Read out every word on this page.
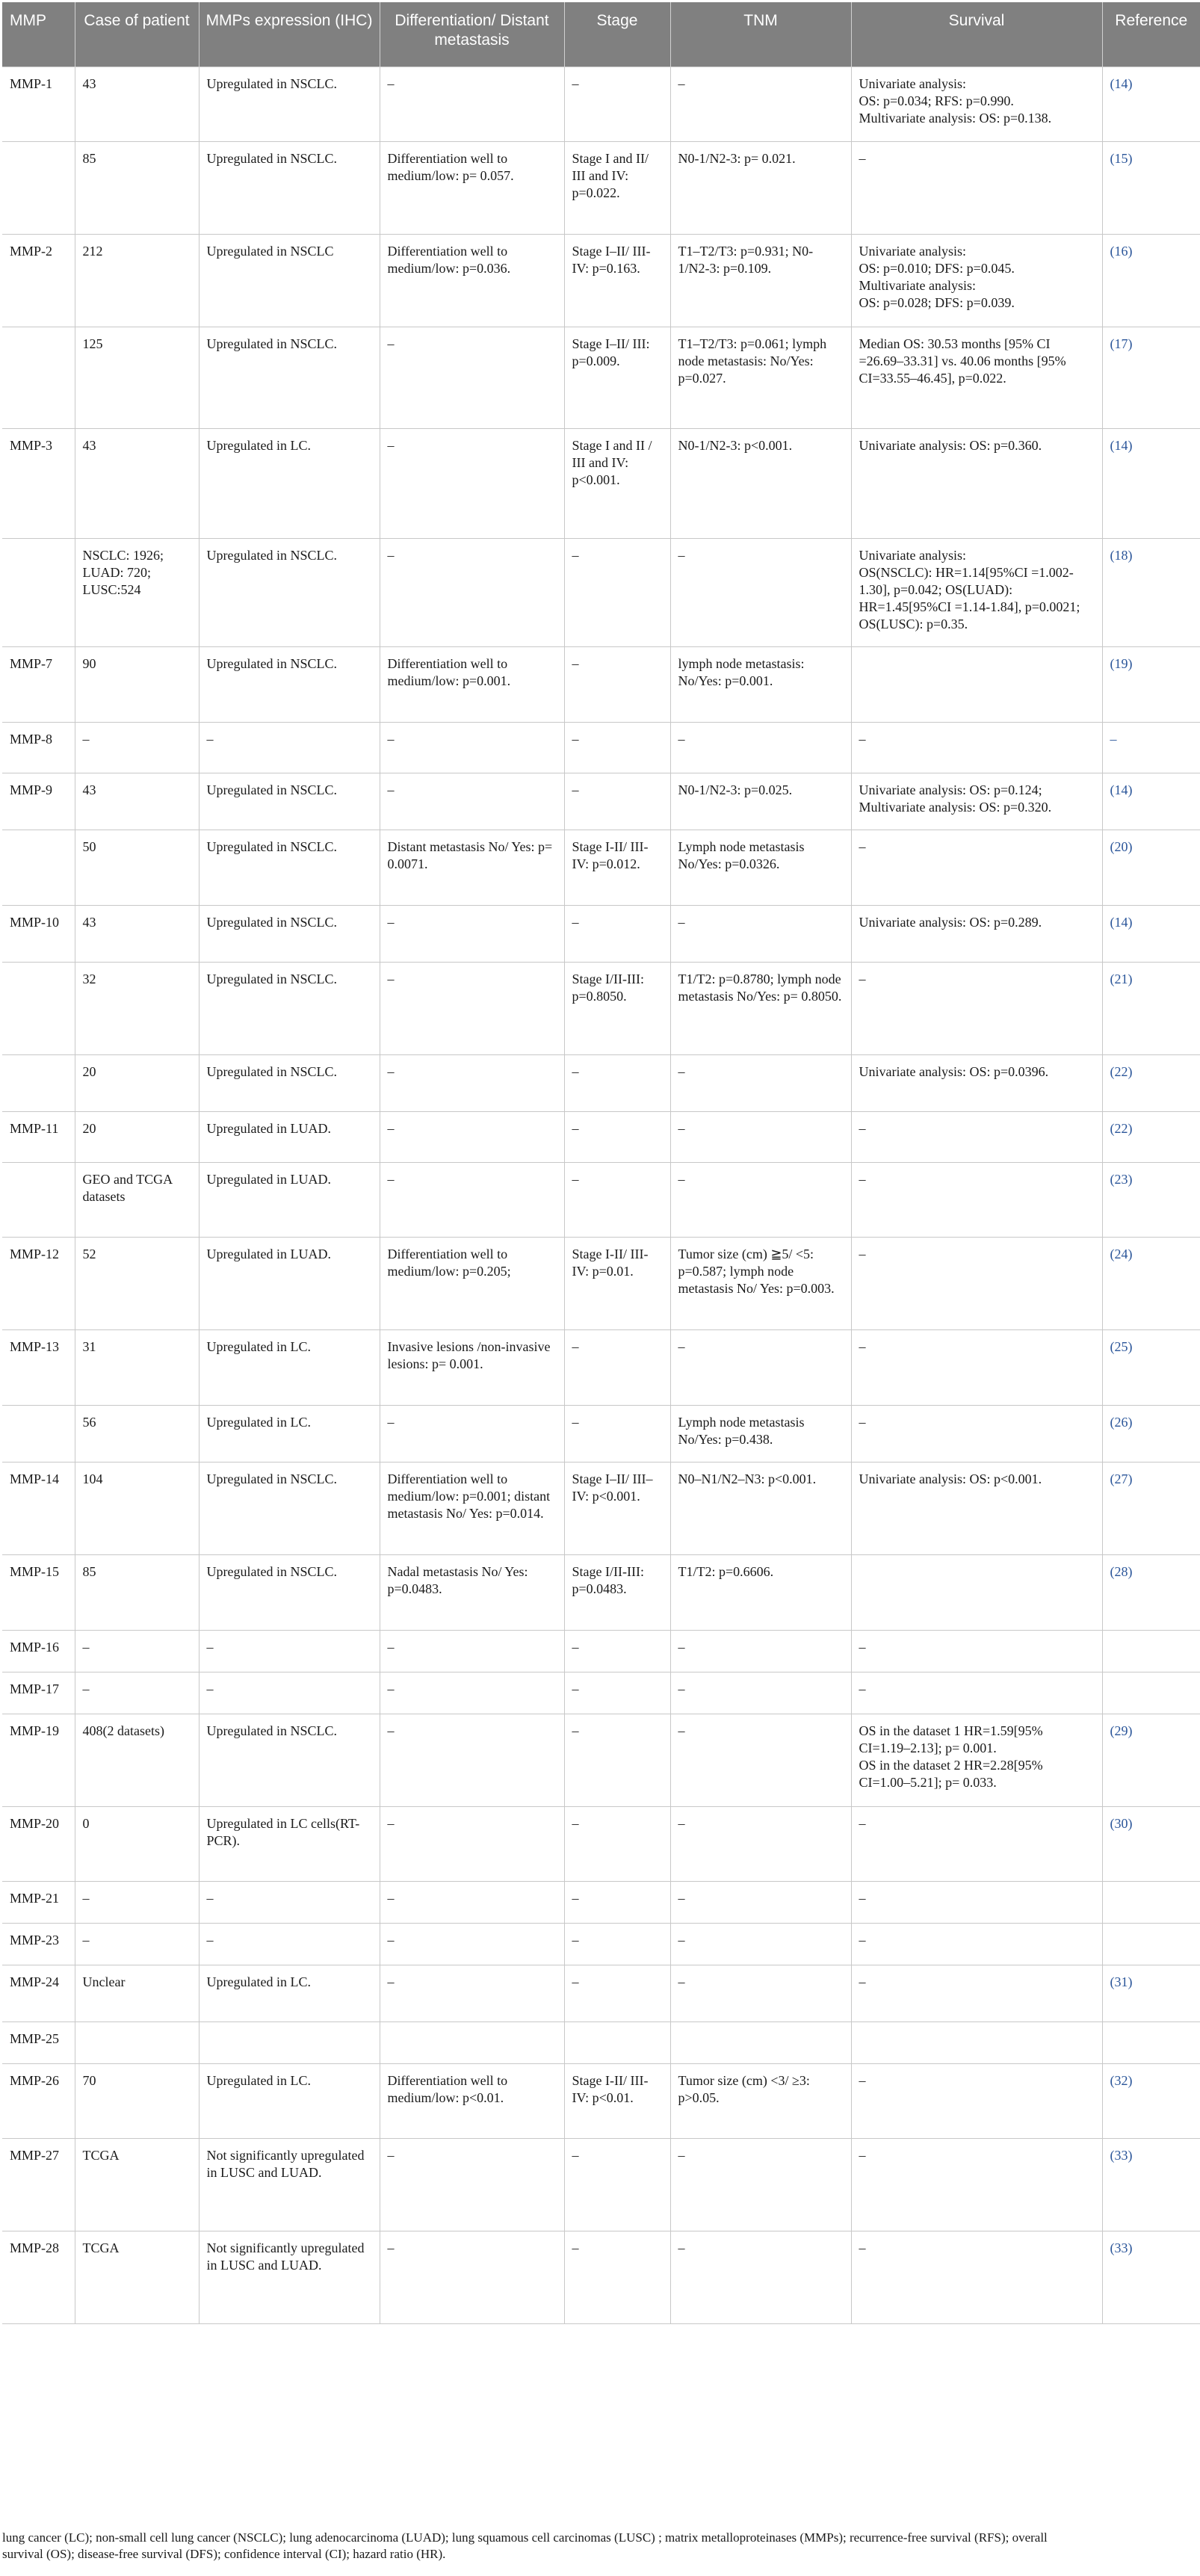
MMP	Case of patient	MMPs expression (IHC)	Differentiation/ Distant metastasis	Stage	TNM	Survival	Reference
MMP-1	43	Upregulated in NSCLC.	–	–	–	Univariate analysis:
OS: p=0.034; RFS: p=0.990.
Multivariate analysis: OS: p=0.138.	(14)
	85	Upregulated in NSCLC.	Differentiation well to medium/low: p= 0.057.	Stage I and II/ III and IV: p=0.022.	N0-1/N2-3: p= 0.021.	–	(15)
MMP-2	212	Upregulated in NSCLC	Differentiation well to medium/low: p=0.036.	Stage I–II/ III- IV: p=0.163.	T1–T2/T3: p=0.931; N0-1/N2-3: p=0.109.	Univariate analysis:
OS: p=0.010; DFS: p=0.045.
Multivariate analysis:
OS: p=0.028; DFS: p=0.039.	(16)
	125	Upregulated in NSCLC.	–	Stage I–II/ III: p=0.009.	T1–T2/T3: p=0.061; lymph node metastasis: No/Yes: p=0.027.	Median OS: 30.53 months [95% CI =26.69–33.31] vs. 40.06 months [95% CI=33.55–46.45], p=0.022.	(17)
MMP-3	43	Upregulated in LC.	–	Stage I and II / III and IV: p<0.001.	N0-1/N2-3: p<0.001.	Univariate analysis: OS: p=0.360.	(14)
	NSCLC: 1926; LUAD: 720; LUSC:524	Upregulated in NSCLC.	–	–	–	Univariate analysis:
OS(NSCLC): HR=1.14[95%CI =1.002-1.30], p=0.042; OS(LUAD): HR=1.45[95%CI =1.14-1.84], p=0.0021; OS(LUSC): p=0.35.	(18)
MMP-7	90	Upregulated in NSCLC.	Differentiation well to medium/low: p=0.001.	–	lymph node metastasis: No/Yes: p=0.001.		(19)
MMP-8	–	–	–	–	–	–	–
MMP-9	43	Upregulated in NSCLC.	–	–	N0-1/N2-3: p=0.025.	Univariate analysis: OS: p=0.124; Multivariate analysis: OS: p=0.320.	(14)
	50	Upregulated in NSCLC.	Distant metastasis No/ Yes: p= 0.0071.	Stage I-II/ III-IV: p=0.012.	Lymph node metastasis No/Yes: p=0.0326.	–	(20)
MMP-10	43	Upregulated in NSCLC.	–	–	–	Univariate analysis: OS: p=0.289.	(14)
	32	Upregulated in NSCLC.	–	Stage I/II-III: p=0.8050.	T1/T2: p=0.8780; lymph node metastasis No/Yes: p= 0.8050.	–	(21)
	20	Upregulated in NSCLC.	–	–	–	Univariate analysis: OS: p=0.0396.	(22)
MMP-11	20	Upregulated in LUAD.	–	–	–	–	(22)
	GEO and TCGA datasets	Upregulated in LUAD.	–	–	–	–	(23)
MMP-12	52	Upregulated in LUAD.	Differentiation well to medium/low: p=0.205;	Stage I-II/ III-IV: p=0.01.	Tumor size (cm) ≧5/ <5: p=0.587; lymph node metastasis No/ Yes: p=0.003.	–	(24)
MMP-13	31	Upregulated in LC.	Invasive lesions /non-invasive lesions: p= 0.001.	–	–	–	(25)
	56	Upregulated in LC.	–	–	Lymph node metastasis No/Yes: p=0.438.	–	(26)
MMP-14	104	Upregulated in NSCLC.	Differentiation well to medium/low: p=0.001; distant metastasis No/ Yes: p=0.014.	Stage I–II/ III–IV: p<0.001.	N0–N1/N2–N3: p<0.001.	Univariate analysis: OS: p<0.001.	(27)
MMP-15	85	Upregulated in NSCLC.	Nadal metastasis No/ Yes: p=0.0483.	Stage I/II-III: p=0.0483.	T1/T2: p=0.6606.		(28)
MMP-16	–	–	–	–	–	–	
MMP-17	–	–	–	–	–	–	
MMP-19	408(2 datasets)	Upregulated in NSCLC.	–	–	–	OS in the dataset 1 HR=1.59[95% CI=1.19–2.13]; p= 0.001.
OS in the dataset 2 HR=2.28[95% CI=1.00–5.21]; p= 0.033.	(29)
MMP-20	0	Upregulated in LC cells(RT-PCR).	–	–	–	–	(30)
MMP-21	–	–	–	–	–	–	
MMP-23	–	–	–	–	–	–	
MMP-24	Unclear	Upregulated in LC.	–	–	–	–	(31)
MMP-25							
MMP-26	70	Upregulated in LC.	Differentiation well to medium/low: p<0.01.	Stage I-II/ III-IV: p<0.01.	Tumor size (cm) <3/ ≥3: p>0.05.	–	(32)
MMP-27	TCGA	Not significantly upregulated in LUSC and LUAD.	–	–	–	–	(33)
MMP-28	TCGA	Not significantly upregulated in LUSC and LUAD.	–	–	–	–	(33)
lung cancer (LC); non-small cell lung cancer (NSCLC); lung adenocarcinoma (LUAD); lung squamous cell carcinomas (LUSC) ; matrix metalloproteinases (MMPs); recurrence-free survival (RFS); overall survival (OS); disease-free survival (DFS); confidence interval (CI); hazard ratio (HR).
